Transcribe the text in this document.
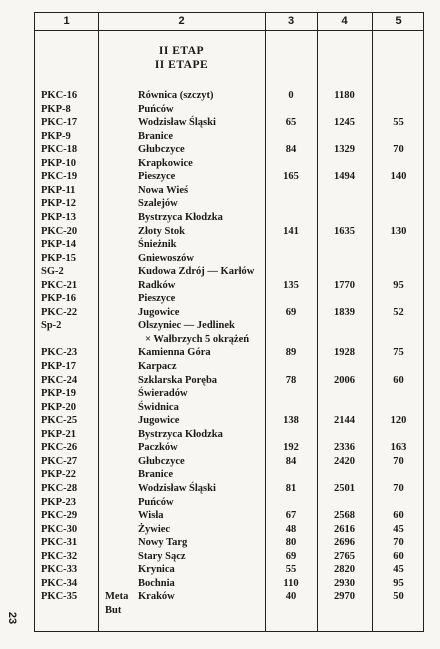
1	2	3	4	5
II ETAP
II ETAPE
PKC-16	Równica (szczyt)	0	1180
PKP-8	Puńców
PKC-17	Wodzisław Śląski	65	1245	55
PKP-9	Branice
PKC-18	Głubczyce	84	1329	70
PKP-10	Krapkowice
PKC-19	Pieszyce	165	1494	140
PKP-11	Nowa Wieś
PKP-12	Szalejów
PKP-13	Bystrzyca Kłodzka
PKC-20	Złoty Stok	141	1635	130
PKP-14	Śnieżnik
PKP-15	Gniewoszów
SG-2	Kudowa Zdrój — Karłów
PKC-21	Radków	135	1770	95
PKP-16	Pieszyce
PKC-22	Jugowice	69	1839	52
Sp-2	Olszyniec — Jedlinek
× Wałbrzych 5 okrążeń
PKC-23	Kamienna Góra	89	1928	75
PKP-17	Karpacz
PKC-24	Szklarska Poręba	78	2006	60
PKP-19	Świeradów
PKP-20	Świdnica
PKC-25	Jugowice	138	2144	120
PKP-21	Bystrzyca Kłodzka
PKC-26	Paczków	192	2336	163
PKC-27	Głubczyce	84	2420	70
PKP-22	Branice
PKC-28	Wodzisław Śląski	81	2501	70
PKP-23	Puńców
PKC-29	Wisła	67	2568	60
PKC-30	Żywiec	48	2616	45
PKC-31	Nowy Targ	80	2696	70
PKC-32	Stary Sącz	69	2765	60
PKC-33	Krynica	55	2820	45
PKC-34	Bochnia	110	2930	95
PKC-35	Meta Kraków	40	2970	50
But
23
